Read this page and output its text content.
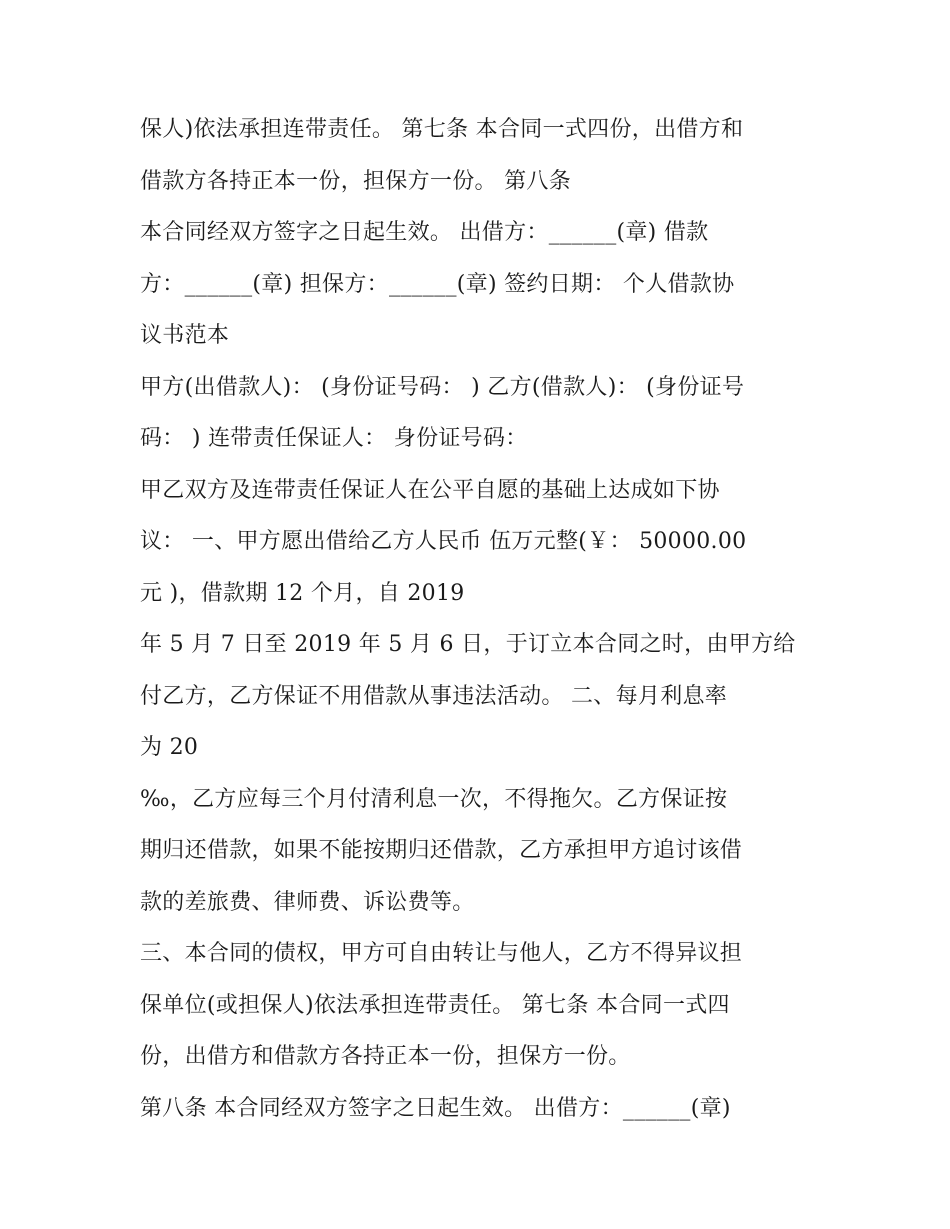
保人)依法承担连带责任。 第七条 本合同一式四份，出借方和
借款方各持正本一份，担保方一份。 第八条
本合同经双方签字之日起生效。 出借方：______(章) 借款
方：______(章) 担保方：______(章) 签约日期： 个人借款协
议书范本
甲方(出借款人)： (身份证号码： ) 乙方(借款人)： (身份证号
码： ) 连带责任保证人： 身份证号码：
甲乙双方及连带责任保证人在公平自愿的基础上达成如下协
议： 一、甲方愿出借给乙方人民币 伍万元整(￥： 50000.00
元 )，借款期 12 个月，自 2019
年 5 月 7 日至 2019 年 5 月 6 日，于订立本合同之时，由甲方给
付乙方，乙方保证不用借款从事违法活动。 二、每月利息率
为 20
‰，乙方应每三个月付清利息一次，不得拖欠。乙方保证按
期归还借款，如果不能按期归还借款，乙方承担甲方追讨该借
款的差旅费、律师费、诉讼费等。
三、本合同的债权，甲方可自由转让与他人，乙方不得异议担
保单位(或担保人)依法承担连带责任。 第七条 本合同一式四
份，出借方和借款方各持正本一份，担保方一份。
第八条 本合同经双方签字之日起生效。 出借方：______(章)
